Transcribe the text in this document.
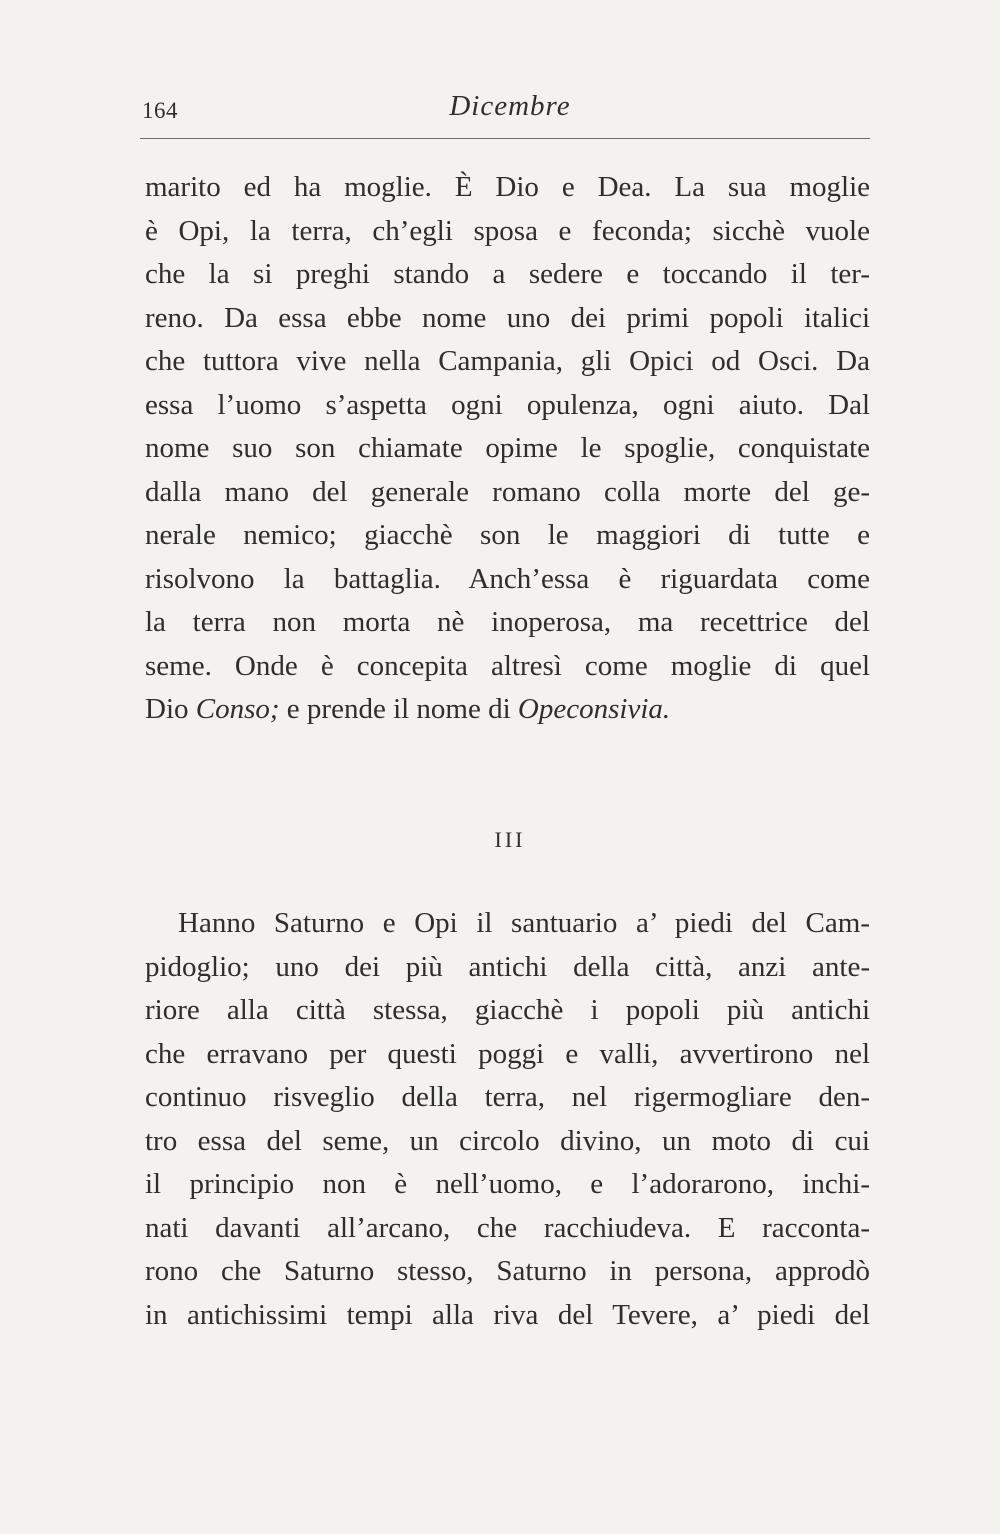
164	Dicembre
marito ed ha moglie. È Dio e Dea. La sua moglie
è Opi, la terra, ch’egli sposa e feconda; sicchè vuole
che la si preghi stando a sedere e toccando il ter-
reno. Da essa ebbe nome uno dei primi popoli italici
che tuttora vive nella Campania, gli Opici od Osci. Da
essa l’uomo s’aspetta ogni opulenza, ogni aiuto. Dal
nome suo son chiamate opime le spoglie, conquistate
dalla mano del generale romano colla morte del ge-
nerale nemico; giacchè son le maggiori di tutte e
risolvono la battaglia. Anch’essa è riguardata come
la terra non morta nè inoperosa, ma recettrice del
seme. Onde è concepita altresì come moglie di quel
Dio Conso; e prende il nome di Opeconsivia.
III
Hanno Saturno e Opi il santuario a’ piedi del Cam-
pidoglio; uno dei più antichi della città, anzi ante-
riore alla città stessa, giacchè i popoli più antichi
che erravano per questi poggi e valli, avvertirono nel
continuo risveglio della terra, nel rigermogliare den-
tro essa del seme, un circolo divino, un moto di cui
il principio non è nell’uomo, e l’adorarono, inchi-
nati davanti all’arcano, che racchiudeva. E racconta-
rono che Saturno stesso, Saturno in persona, approdò
in antichissimi tempi alla riva del Tevere, a’ piedi del
